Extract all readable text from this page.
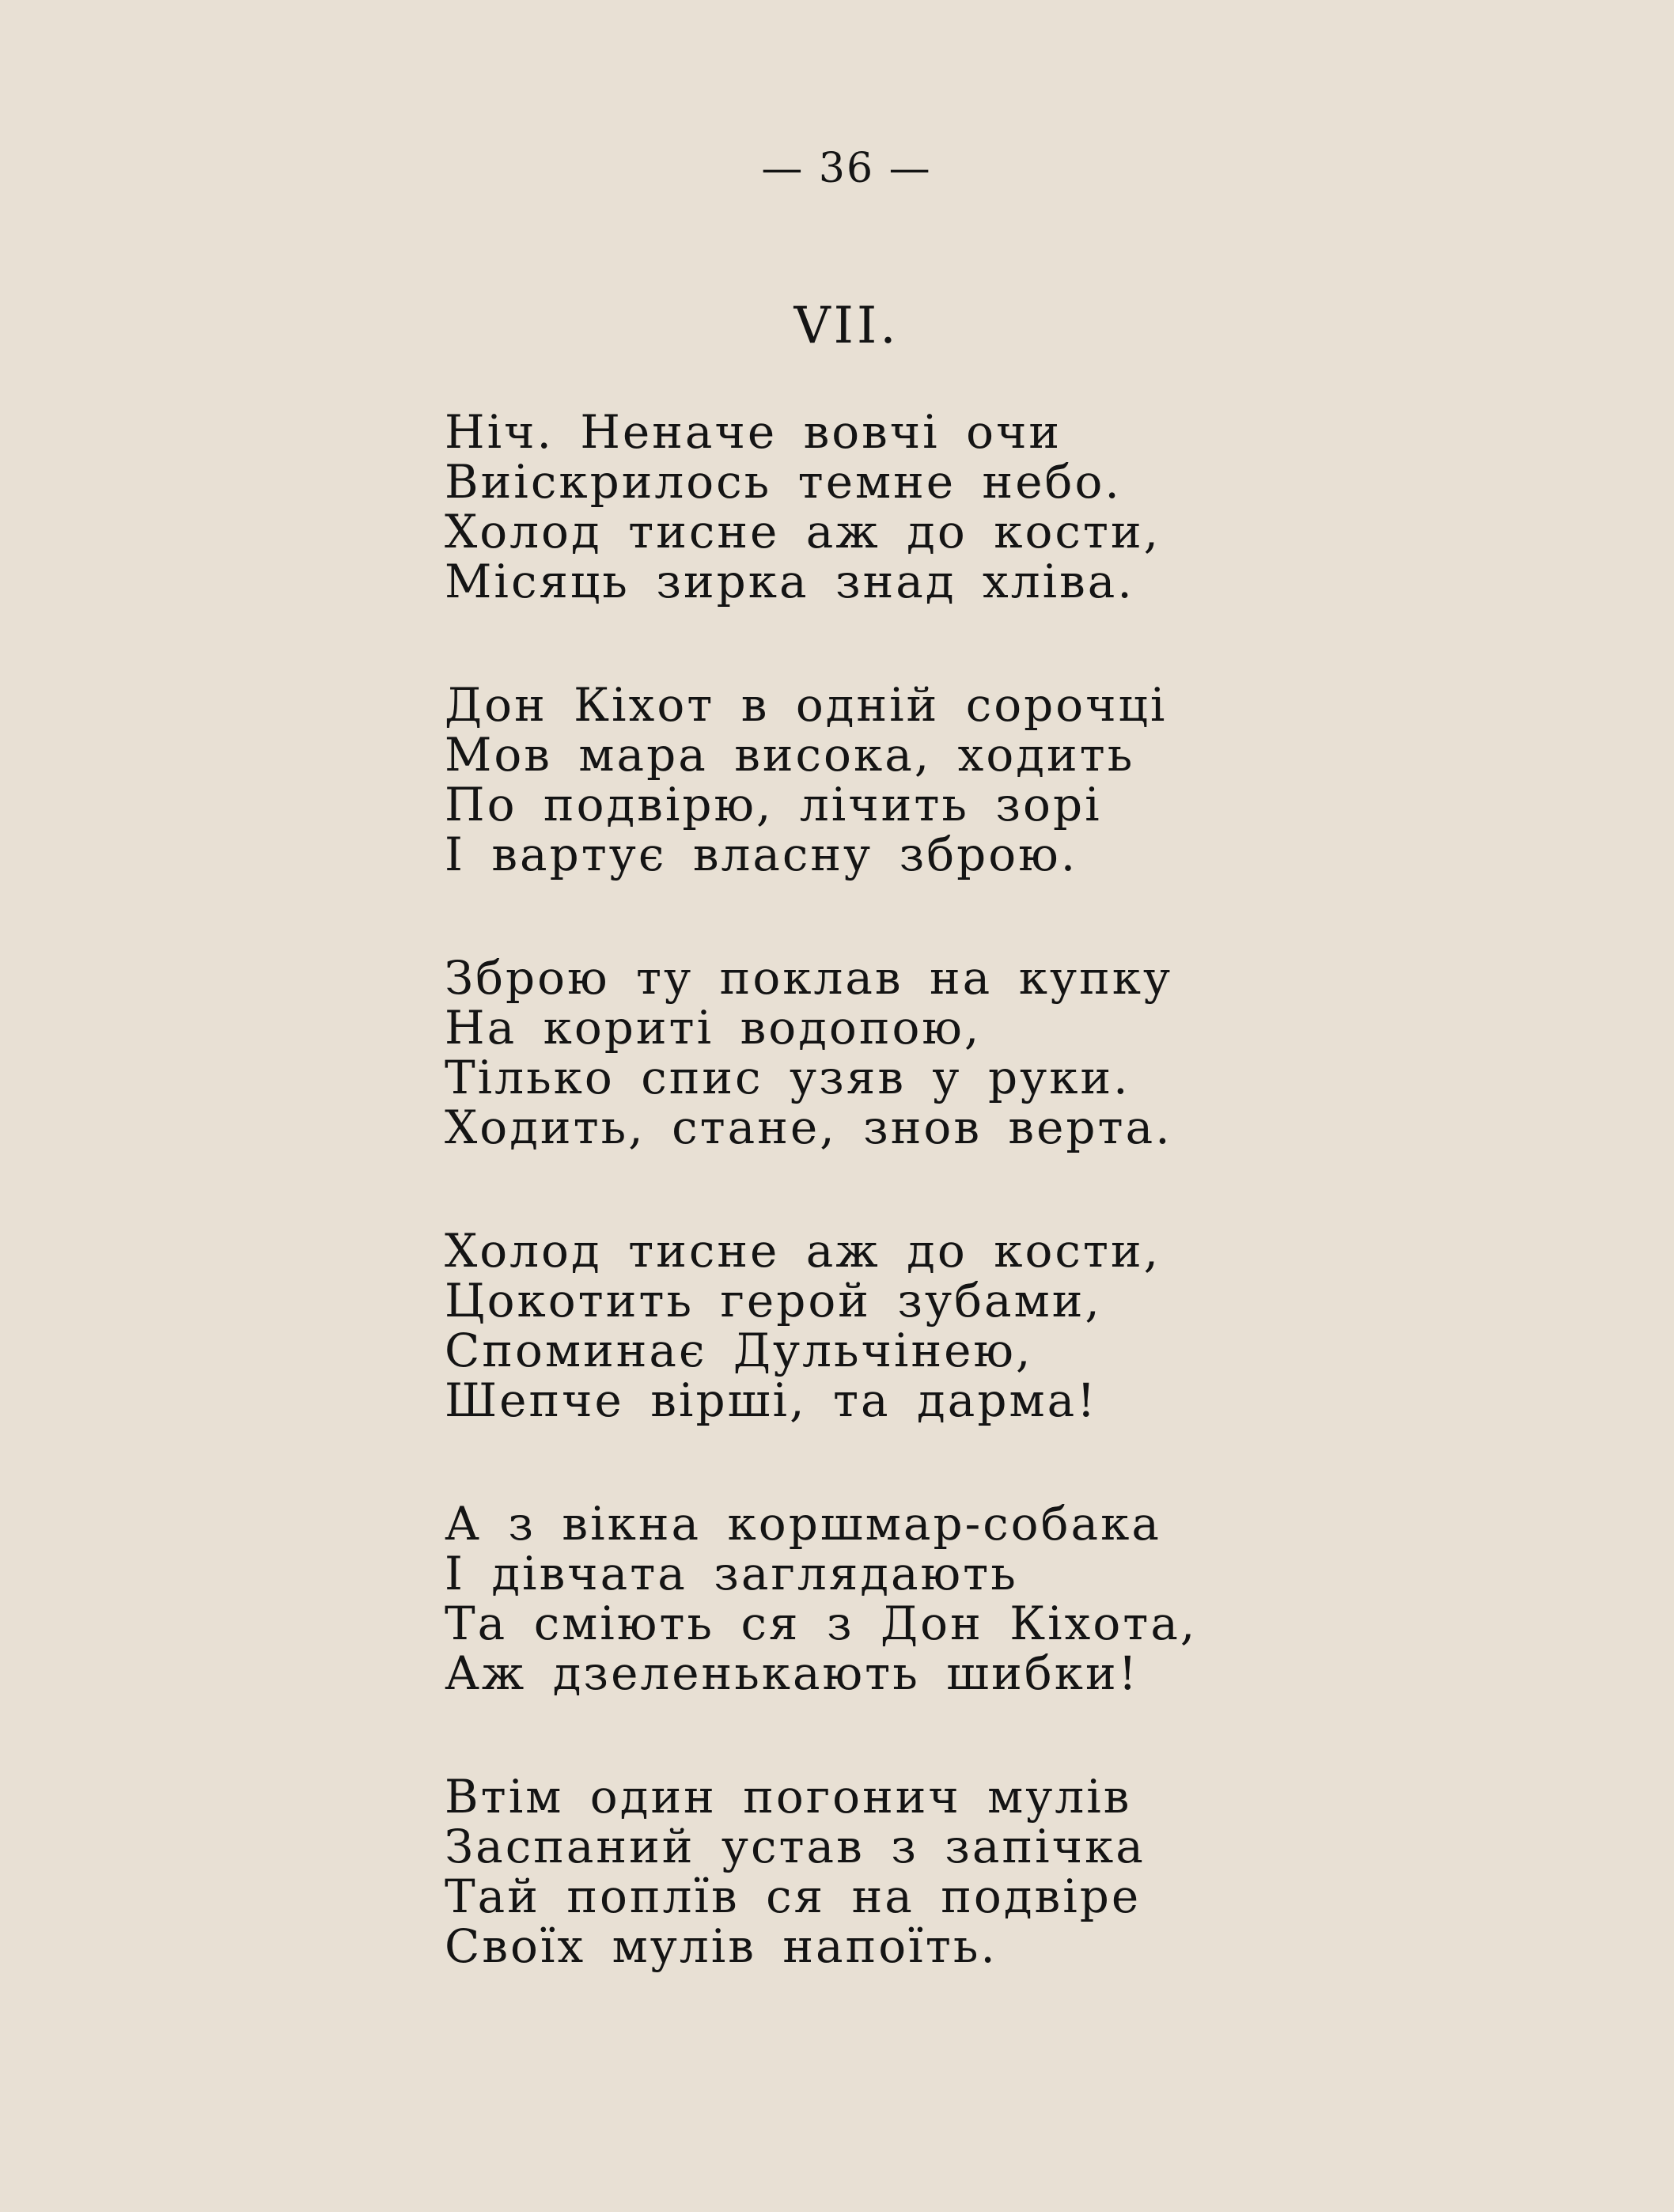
— 36 —
VII.
Ніч. Неначе вовчі очи
Виіскрилось темне небо.
Холод тисне аж до кости,
Місяць зирка знад хліва.
Дон Кіхот в одній сорочці
Мов мара висока, ходить
По подвірю, лічить зорі
І вартує власну зброю.
Зброю ту поклав на купку
На кориті водопою,
Тілько спис узяв у руки.
Ходить, стане, знов верта.
Холод тисне аж до кости,
Цокотить герой зубами,
Споминає Дульчінею,
Шепче вірші, та дарма!
А з вікна коршмар-собака
І дівчата заглядають
Та сміють ся з Дон Кіхота,
Аж дзеленькають шибки!
Втім один погонич мулів
Заспаний устав з запічка
Тай поплїв ся на подвіре
Своїх мулів напоїть.
